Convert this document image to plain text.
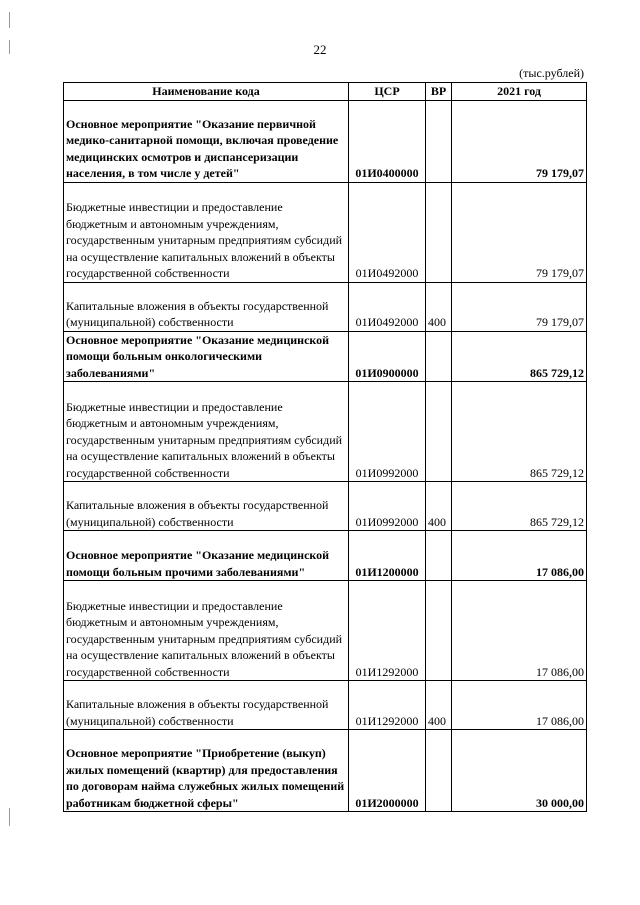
22
(тыс.рублей)
Наименование кода	ЦСР	ВР	2021 год
Основное мероприятие "Оказание первичной медико-санитарной помощи, включая проведение медицинских осмотров и диспансеризации населения, в том числе у детей"	01И0400000		79 179,07
Бюджетные инвестиции и предоставление бюджетным и автономным учреждениям, государственным унитарным предприятиям субсидий на осуществление капитальных вложений в объекты государственной собственности	01И0492000		79 179,07
Капитальные вложения в объекты государственной (муниципальной) собственности	01И0492000	400	79 179,07
Основное мероприятие "Оказание медицинской помощи больным онкологическими заболеваниями"	01И0900000		865 729,12
Бюджетные инвестиции и предоставление бюджетным и автономным учреждениям, государственным унитарным предприятиям субсидий на осуществление капитальных вложений в объекты государственной собственности	01И0992000		865 729,12
Капитальные вложения в объекты государственной (муниципальной) собственности	01И0992000	400	865 729,12
Основное мероприятие "Оказание медицинской помощи больным прочими заболеваниями"	01И1200000		17 086,00
Бюджетные инвестиции и предоставление бюджетным и автономным учреждениям, государственным унитарным предприятиям субсидий на осуществление капитальных вложений в объекты государственной собственности	01И1292000		17 086,00
Капитальные вложения в объекты государственной (муниципальной) собственности	01И1292000	400	17 086,00
Основное мероприятие "Приобретение (выкуп) жилых помещений (квартир) для предоставления по договорам найма служебных жилых помещений работникам бюджетной сферы"	01И2000000		30 000,00
